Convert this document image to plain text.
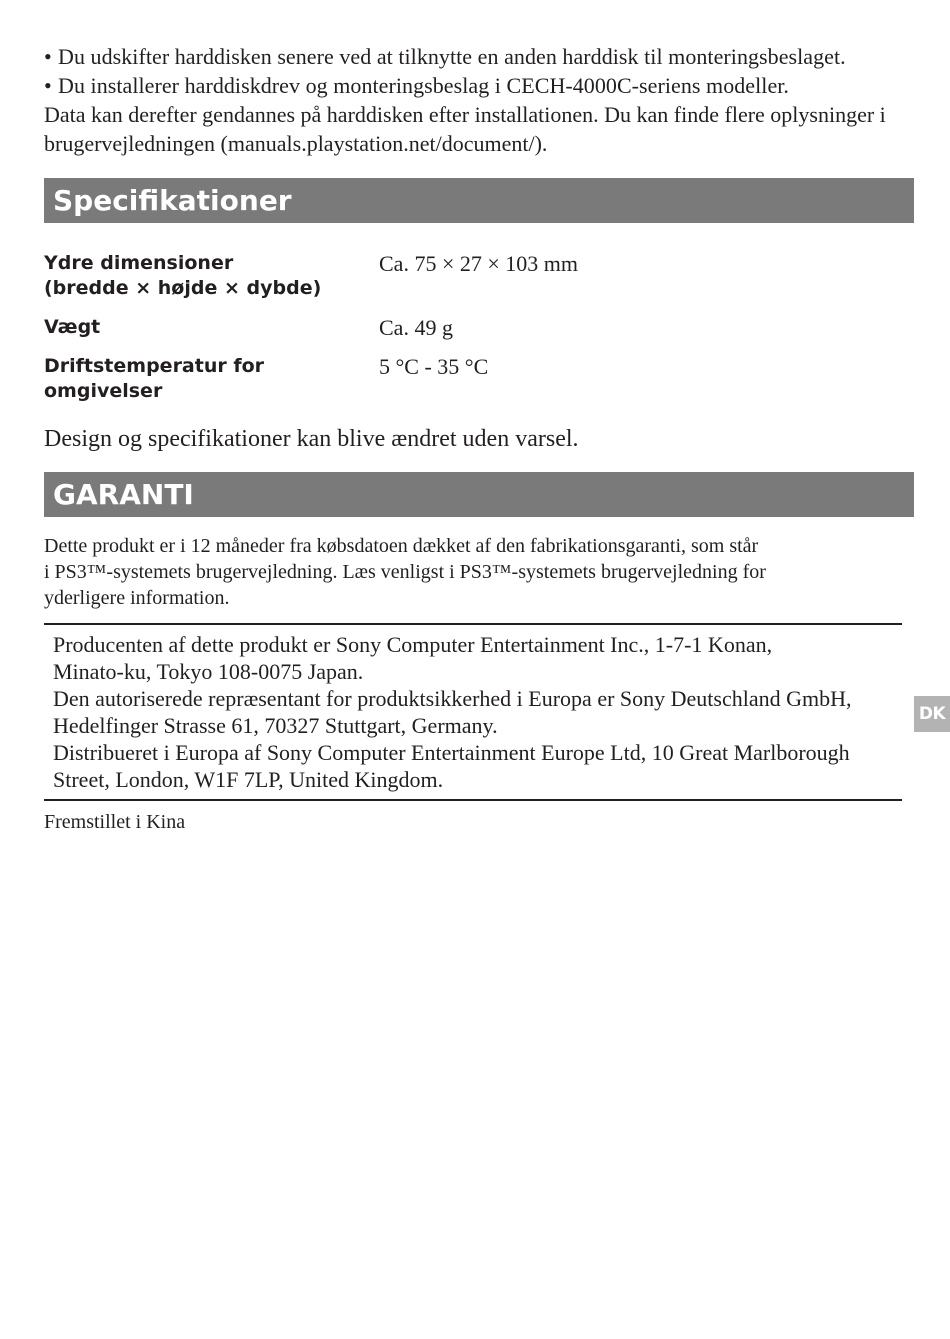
• Du udskifter harddisken senere ved at tilknytte en anden harddisk til monteringsbeslaget.
• Du installerer harddiskdrev og monteringsbeslag i CECH-4000C-seriens modeller.
Data kan derefter gendannes på harddisken efter installationen. Du kan finde flere oplysninger i brugervejledningen (manuals.playstation.net/document/).
Specifikationer
Ydre dimensioner
(bredde × højde × dybde)
Ca. 75 × 27 × 103 mm
Vægt	Ca. 49 g
Driftstemperatur for omgivelser
5 °C - 35 °C
Design og specifikationer kan blive ændret uden varsel.
GARANTI
Dette produkt er i 12 måneder fra købsdatoen dækket af den fabrikationsgaranti, som står
i PS3™-systemets brugervejledning. Læs venligst i PS3™-systemets brugervejledning for
yderligere information.
Producenten af dette produkt er Sony Computer Entertainment Inc., 1-7-1 Konan,
Minato-ku, Tokyo 108-0075 Japan.
Den autoriserede repræsentant for produktsikkerhed i Europa er Sony Deutschland GmbH,
Hedelfinger Strasse 61, 70327 Stuttgart, Germany.
Distribueret i Europa af Sony Computer Entertainment Europe Ltd, 10 Great Marlborough
Street, London, W1F 7LP, United Kingdom.
Fremstillet i Kina
DK
